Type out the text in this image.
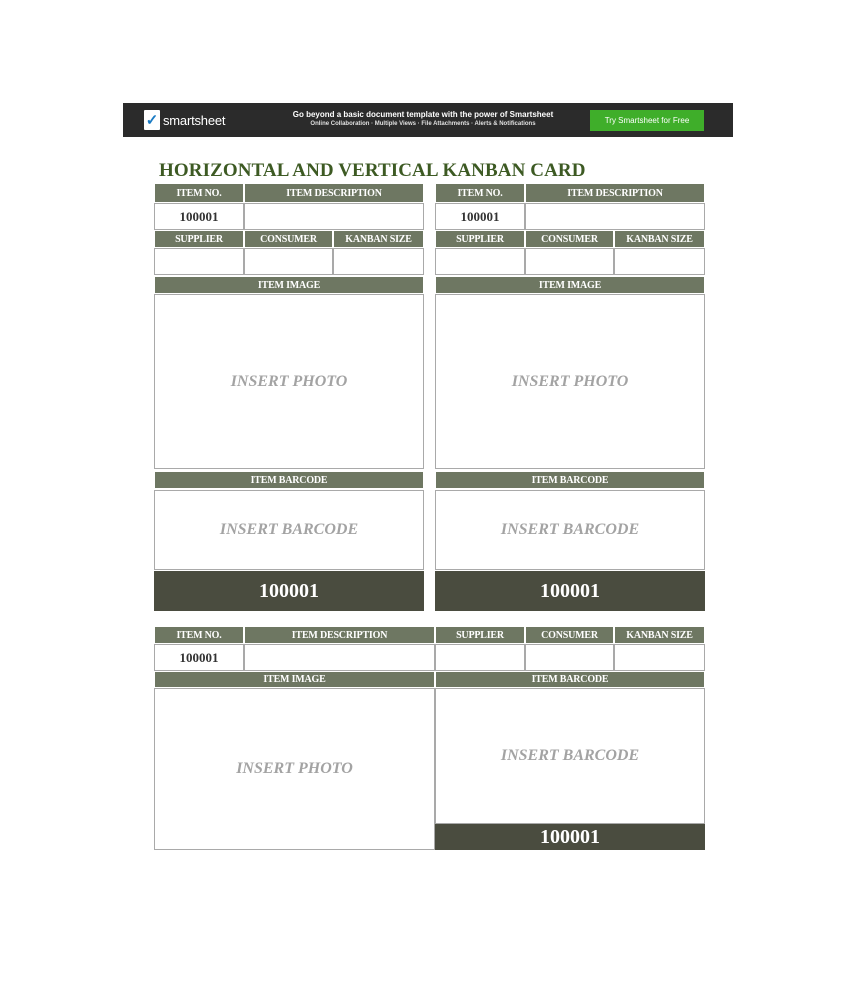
✓ smartsheet	Go beyond a basic document template with the power of Smartsheet
Online Collaboration · Multiple Views · File Attachments · Alerts & Notifications	Try Smartsheet for Free
HORIZONTAL AND VERTICAL KANBAN CARD
ITEM NO.	ITEM DESCRIPTION
100001
SUPPLIER	CONSUMER	KANBAN SIZE
ITEM IMAGE
INSERT PHOTO
ITEM BARCODE
INSERT BARCODE
100001
ITEM NO.	ITEM DESCRIPTION
100001
SUPPLIER	CONSUMER	KANBAN SIZE
ITEM IMAGE
INSERT PHOTO
ITEM BARCODE
INSERT BARCODE
100001
ITEM NO.	ITEM DESCRIPTION	SUPPLIER	CONSUMER	KANBAN SIZE
100001
ITEM IMAGE	ITEM BARCODE
INSERT PHOTO
INSERT BARCODE
100001
